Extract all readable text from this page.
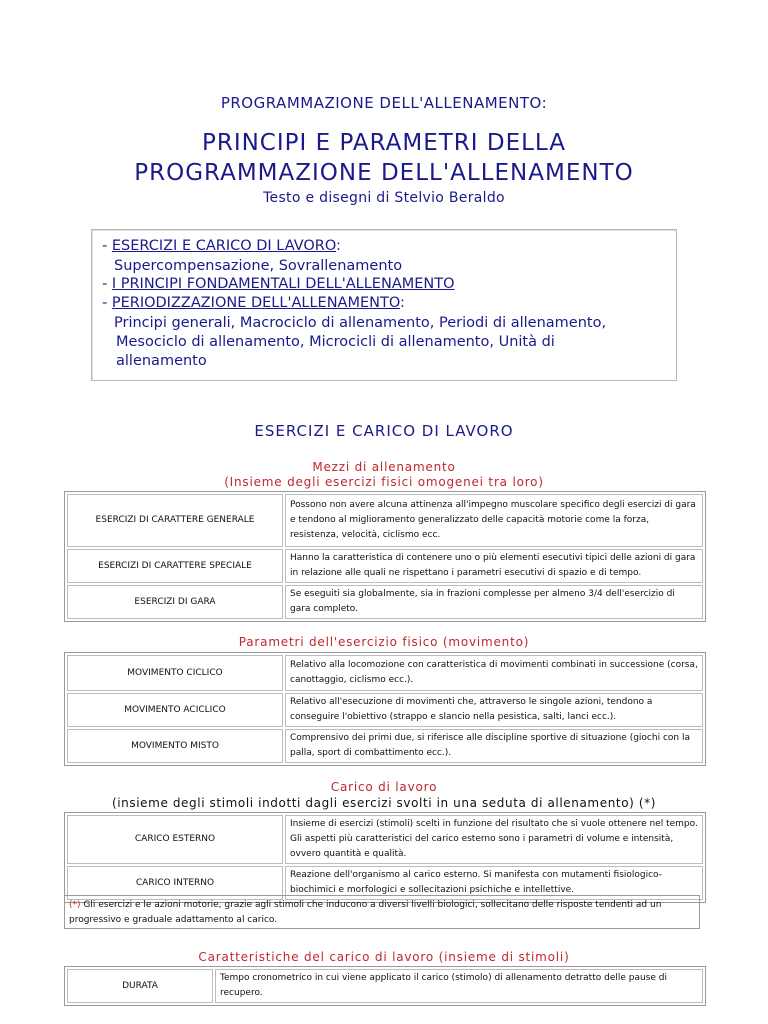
PROGRAMMAZIONE DELL'ALLENAMENTO:
PRINCIPI E PARAMETRI DELLA
PROGRAMMAZIONE DELL'ALLENAMENTO
Testo e disegni di Stelvio Beraldo
- ESERCIZI E CARICO DI LAVORO:
Supercompensazione, Sovrallenamento
- I PRINCIPI FONDAMENTALI DELL'ALLENAMENTO
- PERIODIZZAZIONE DELL'ALLENAMENTO:
Principi generali, Macrociclo di allenamento, Periodi di allenamento,
Mesociclo di allenamento, Microcicli di allenamento, Unità di
allenamento
ESERCIZI E CARICO DI LAVORO
Mezzi di allenamento
(Insieme degli esercizi fisici omogenei tra loro)
ESERCIZI DI CARATTERE GENERALE	Possono non avere alcuna attinenza all'impegno muscolare specifico degli esercizi di gara e tendono al miglioramento generalizzato delle capacità motorie come la forza, resistenza, velocità, ciclismo ecc.
ESERCIZI DI CARATTERE SPECIALE	Hanno la caratteristica di contenere uno o più elementi esecutivi tipici delle azioni di gara in relazione alle quali ne rispettano i parametri esecutivi di spazio e di tempo.
ESERCIZI DI GARA	Se eseguiti sia globalmente, sia in frazioni complesse per almeno 3/4 dell'esercizio di gara completo.
Parametri dell'esercizio fisico (movimento)
MOVIMENTO CICLICO	Relativo alla locomozione con caratteristica di movimenti combinati in successione (corsa, canottaggio, ciclismo ecc.).
MOVIMENTO ACICLICO	Relativo all'esecuzione di movimenti che, attraverso le singole azioni, tendono a conseguire l'obiettivo (strappo e slancio nella pesistica, salti, lanci ecc.).
MOVIMENTO MISTO	Comprensivo dei primi due, si riferisce alle discipline sportive di situazione (giochi con la palla, sport di combattimento ecc.).
Carico di lavoro
(insieme degli stimoli indotti dagli esercizi svolti in una seduta di allenamento) (*)
CARICO ESTERNO	Insieme di esercizi (stimoli) scelti in funzione del risultato che si vuole ottenere nel tempo. Gli aspetti più caratteristici del carico esterno sono i parametri di volume e intensità, ovvero quantità e qualità.
CARICO INTERNO	Reazione dell'organismo al carico esterno. Si manifesta con mutamenti fisiologico-biochimici e morfologici e sollecitazioni psichiche e intellettive.
(*) Gli esercizi e le azioni motorie, grazie agli stimoli che inducono a diversi livelli biologici, sollecitano delle risposte tendenti ad un progressivo e graduale adattamento al carico.
Caratteristiche del carico di lavoro (insieme di stimoli)
DURATA	Tempo cronometrico in cui viene applicato il carico (stimolo) di allenamento detratto delle pause di recupero.
